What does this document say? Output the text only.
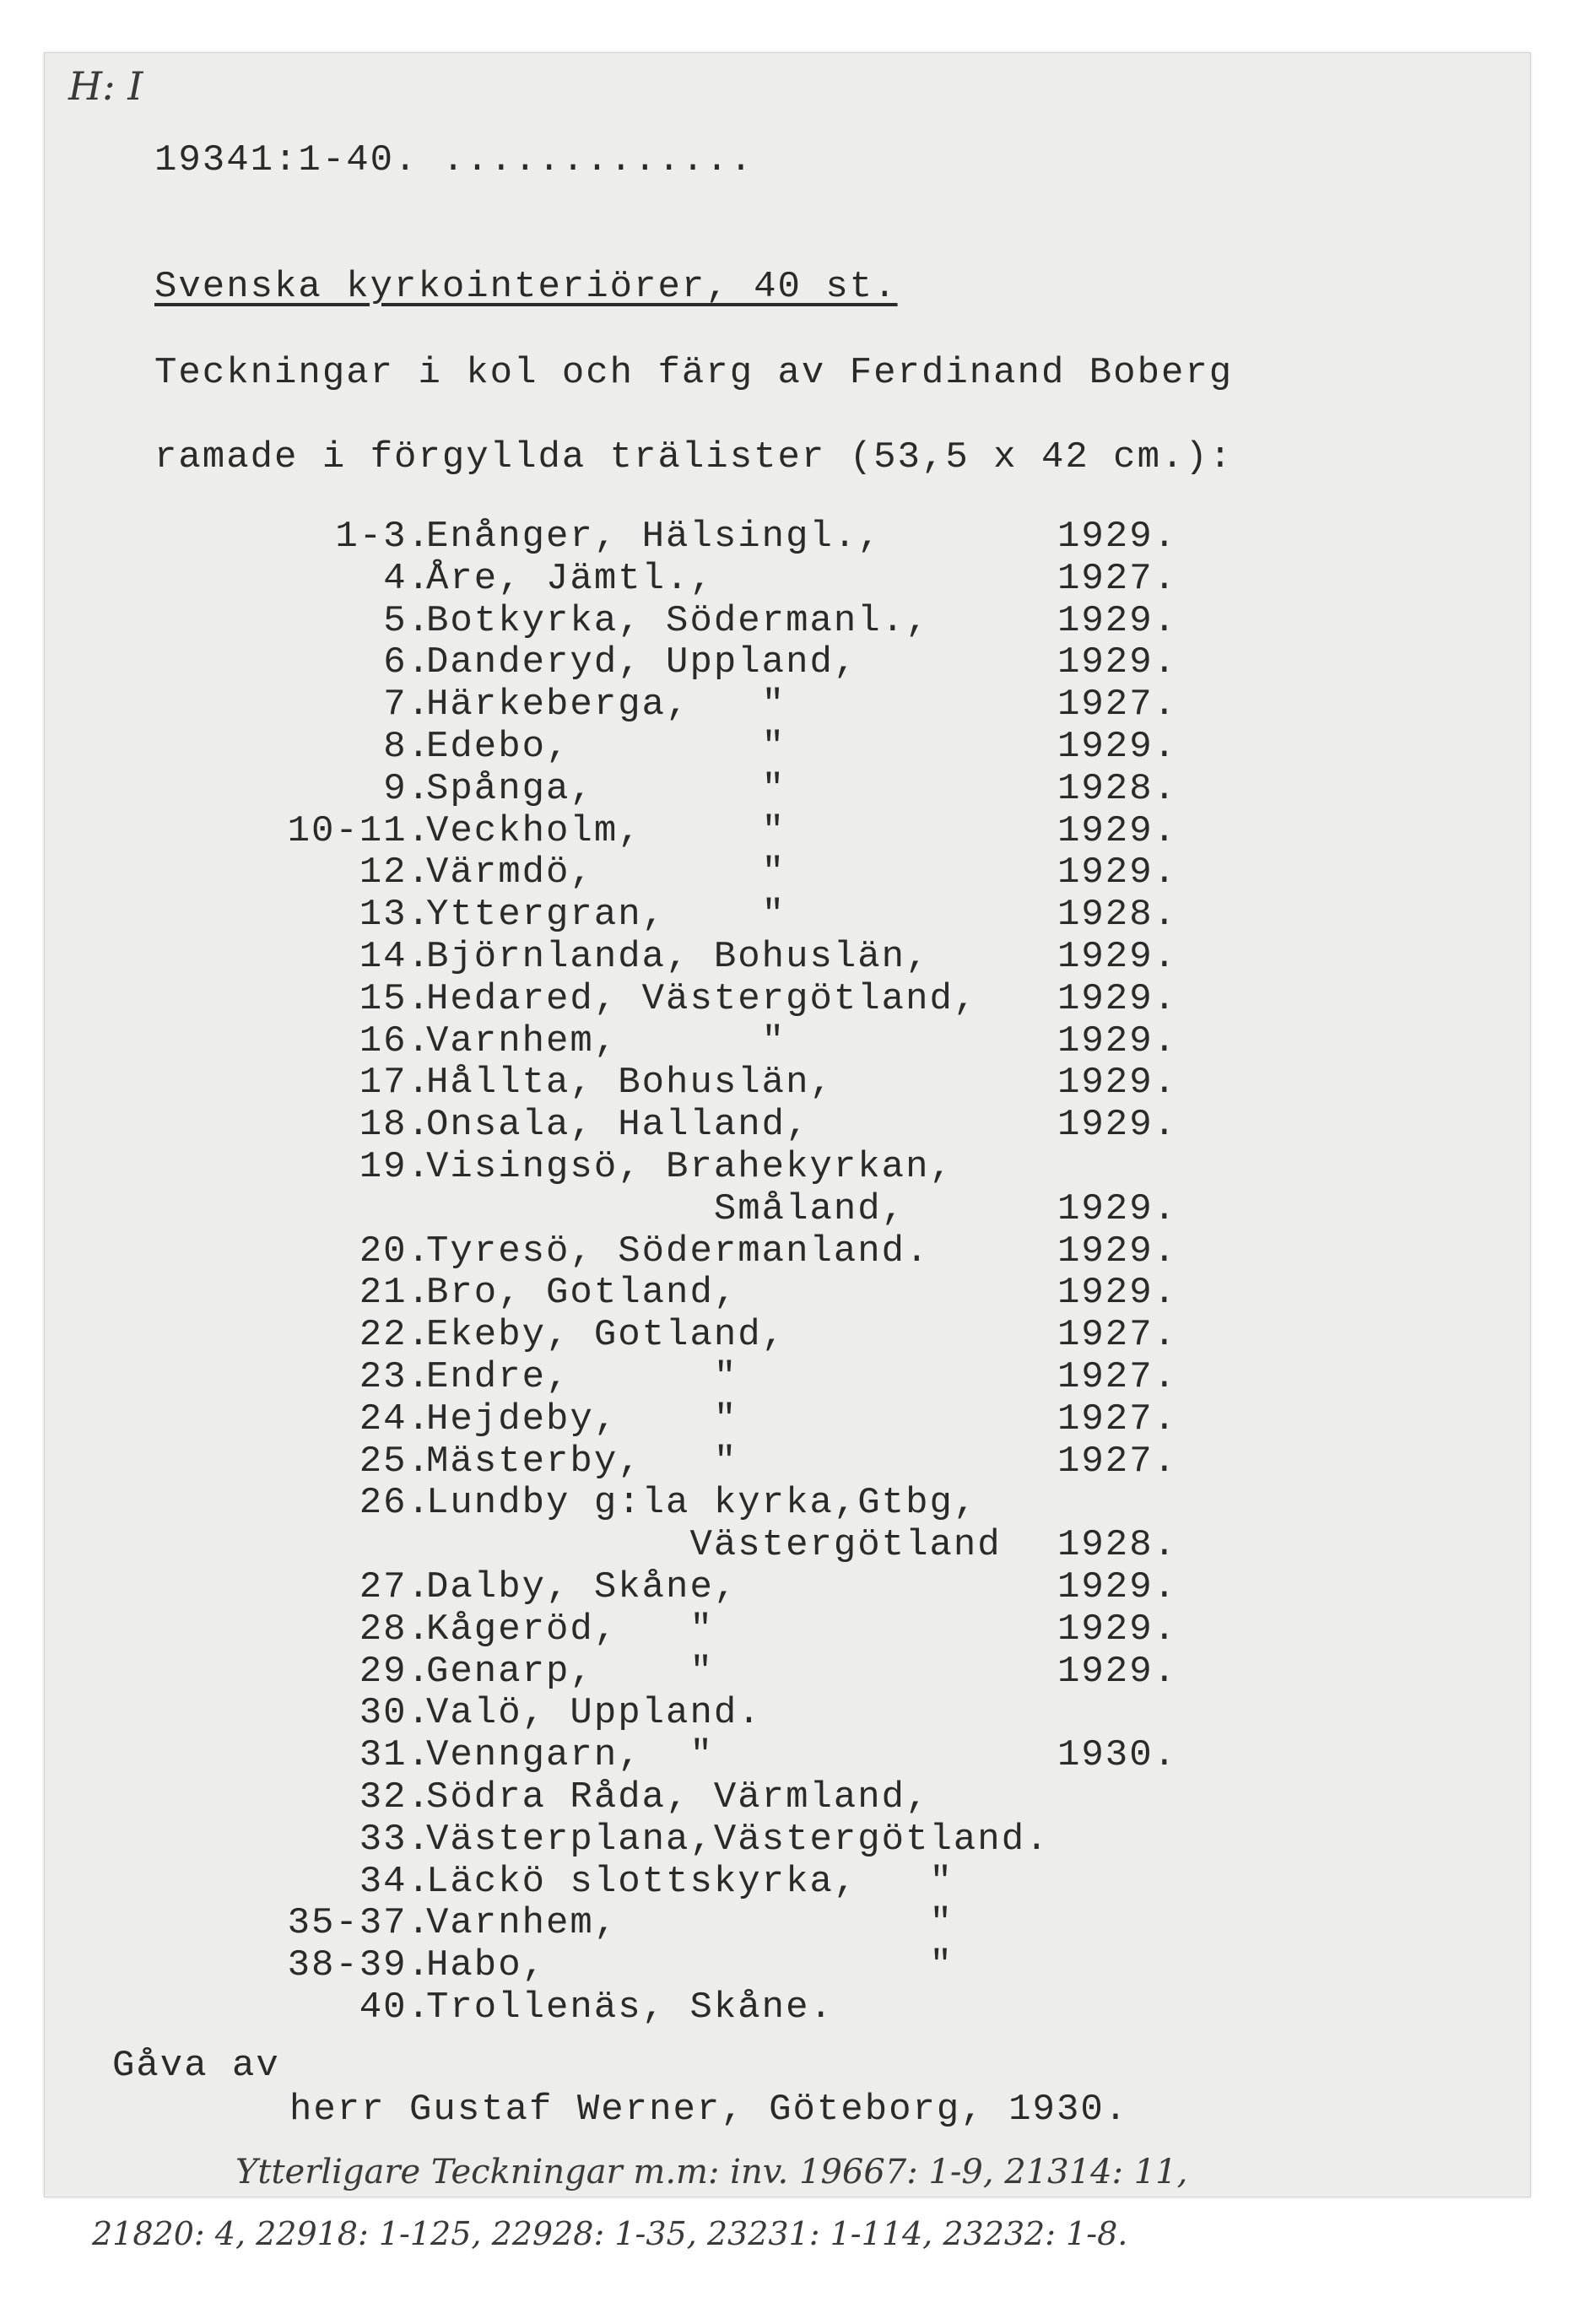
H: I
19341:1-40. .............
Svenska kyrkointeriörer, 40 st.
Teckningar i kol och färg av Ferdinand Boberg
ramade i förgyllda trälister (53,5 x 42 cm.):
1-3.
Enånger, Hälsingl.,	1929.
4.
Åre, Jämtl.,	1927.
5.
Botkyrka, Södermanl.,	1929.
6.
Danderyd, Uppland,	1929.
7.
Härkeberga,   "	1927.
8.
Edebo,        "	1929.
9.
Spånga,       "	1928.
10-11.
Veckholm,     "	1929.
12.
Värmdö,       "	1929.
13.
Yttergran,    "	1928.
14.
Björnlanda, Bohuslän,	1929.
15.
Hedared, Västergötland, 1929.
16.
Varnhem,      "	1929.
17.
Hållta, Bohuslän,	1929.
18.
Onsala, Halland,	1929.
19.
Visingsö, Brahekyrkan,
Småland,	1929.
20.
Tyresö, Södermanland.	1929.
21.
Bro, Gotland,	1929.
22.
Ekeby, Gotland,	1927.
23.
Endre,      "	1927.
24.
Hejdeby,    "	1927.
25.
Mästerby,   "	1927.
26.
Lundby g:la kyrka,Gtbg,
Västergötland 1928.
27.
Dalby, Skåne,	1929.
28.
Kågeröd,   "	1929.
29.
Genarp,    "	1929.
30.
Valö, Uppland.
31.
Venngarn,  "	1930.
32.
Södra Råda, Värmland,
33.
Västerplana,Västergötland.
34.
Läckö slottskyrka,   "
35-37.
Varnhem,             "
38-39.
Habo,                "
40.
Trollenäs, Skåne.
Gåva av
herr Gustaf Werner, Göteborg, 1930.
Ytterligare Teckningar m.m: inv. 19667: 1-9, 21314: 11,
21820: 4, 22918: 1-125, 22928: 1-35, 23231: 1-114, 23232: 1-8.
